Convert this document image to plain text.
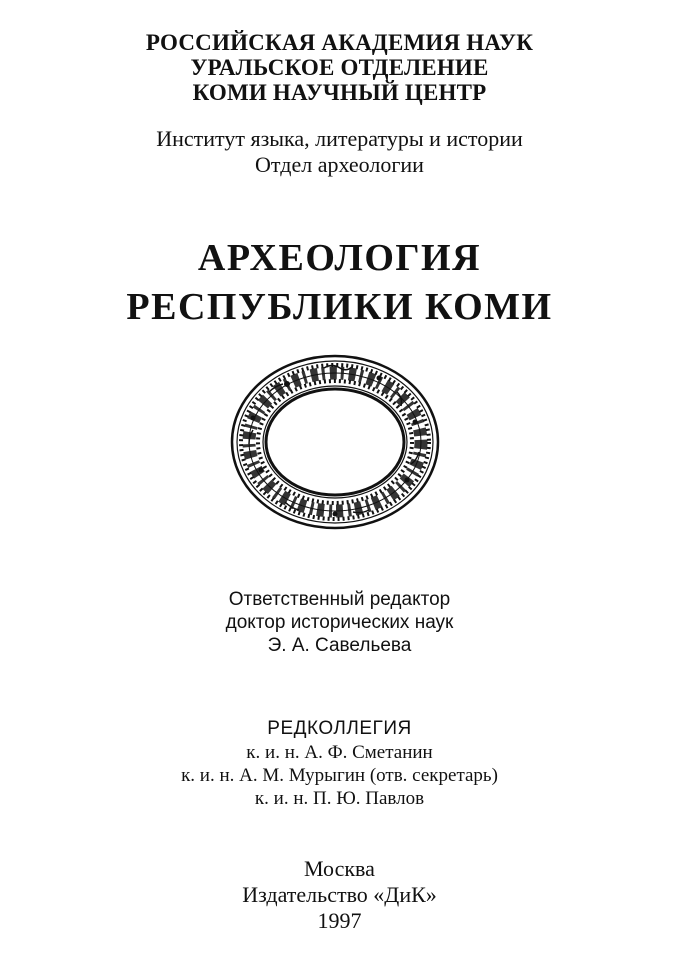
РОССИЙСКАЯ АКАДЕМИЯ НАУК
УРАЛЬСКОЕ ОТДЕЛЕНИЕ
КОМИ НАУЧНЫЙ ЦЕНТР
Институт языка, литературы и истории
Отдел археологии
АРХЕОЛОГИЯ
РЕСПУБЛИКИ КОМИ
Ответственный редактор
доктор исторических наук
Э. А. Савельева
РЕДКОЛЛЕГИЯ
к. и. н. А. Ф. Сметанин
к. и. н. А. М. Мурыгин (отв. секретарь)
к. и. н. П. Ю. Павлов
Москва
Издательство «ДиК»
1997
